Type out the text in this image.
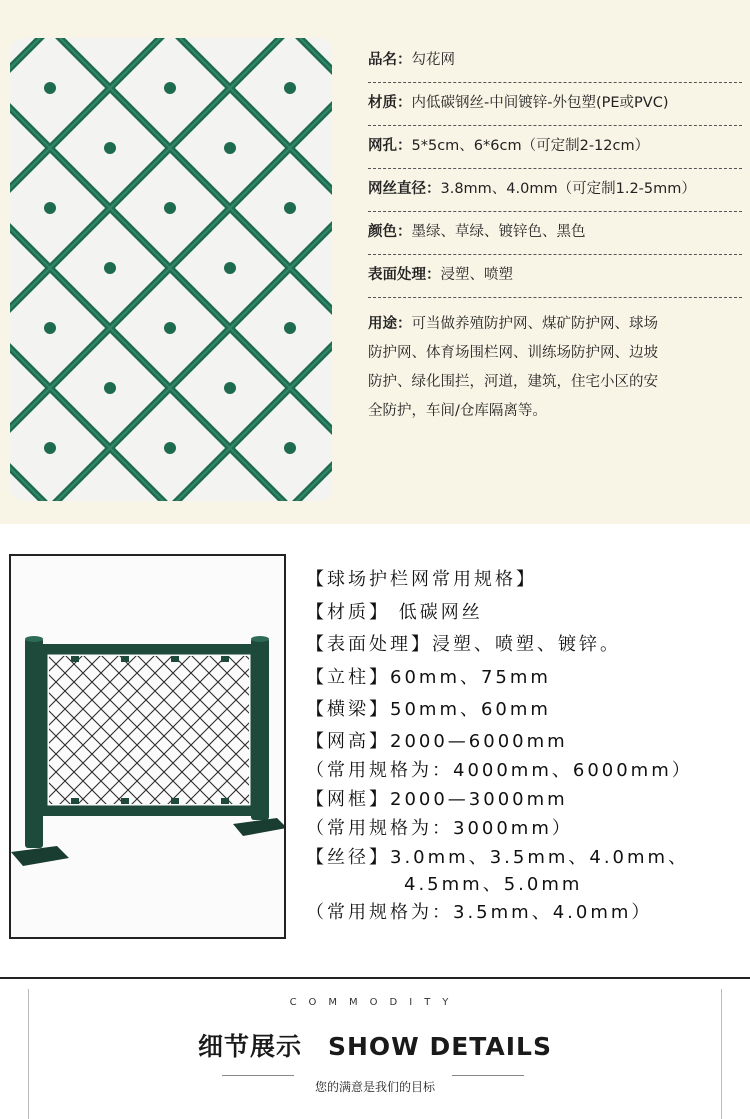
品名：勾花网
材质：内低碳钢丝-中间镀锌-外包塑(PE或PVC)
网孔：5*5cm、6*6cm（可定制2-12cm）
网丝直径：3.8mm、4.0mm（可定制1.2-5mm）
颜色：墨绿、草绿、镀锌色、黑色
表面处理：浸塑、喷塑
用途：可当做养殖防护网、煤矿防护网、球场
防护网、体育场围栏网、训练场防护网、边坡
防护、绿化围拦，河道，建筑，住宅小区的安
全防护，车间/仓库隔离等。
【球场护栏网常用规格】
【材质】 低碳网丝
【表面处理】浸塑、喷塑、镀锌。
【立柱】60mm、75mm
【横梁】50mm、60mm
【网高】2000—6000mm
（常用规格为：4000mm、6000mm）
【网框】2000—3000mm
（常用规格为：3000mm）
【丝径】3.0mm、3.5mm、4.0mm、
4.5mm、5.0mm
（常用规格为：3.5mm、4.0mm）
COMMODITY
细节展示 SHOW DETAILS
您的满意是我们的目标
